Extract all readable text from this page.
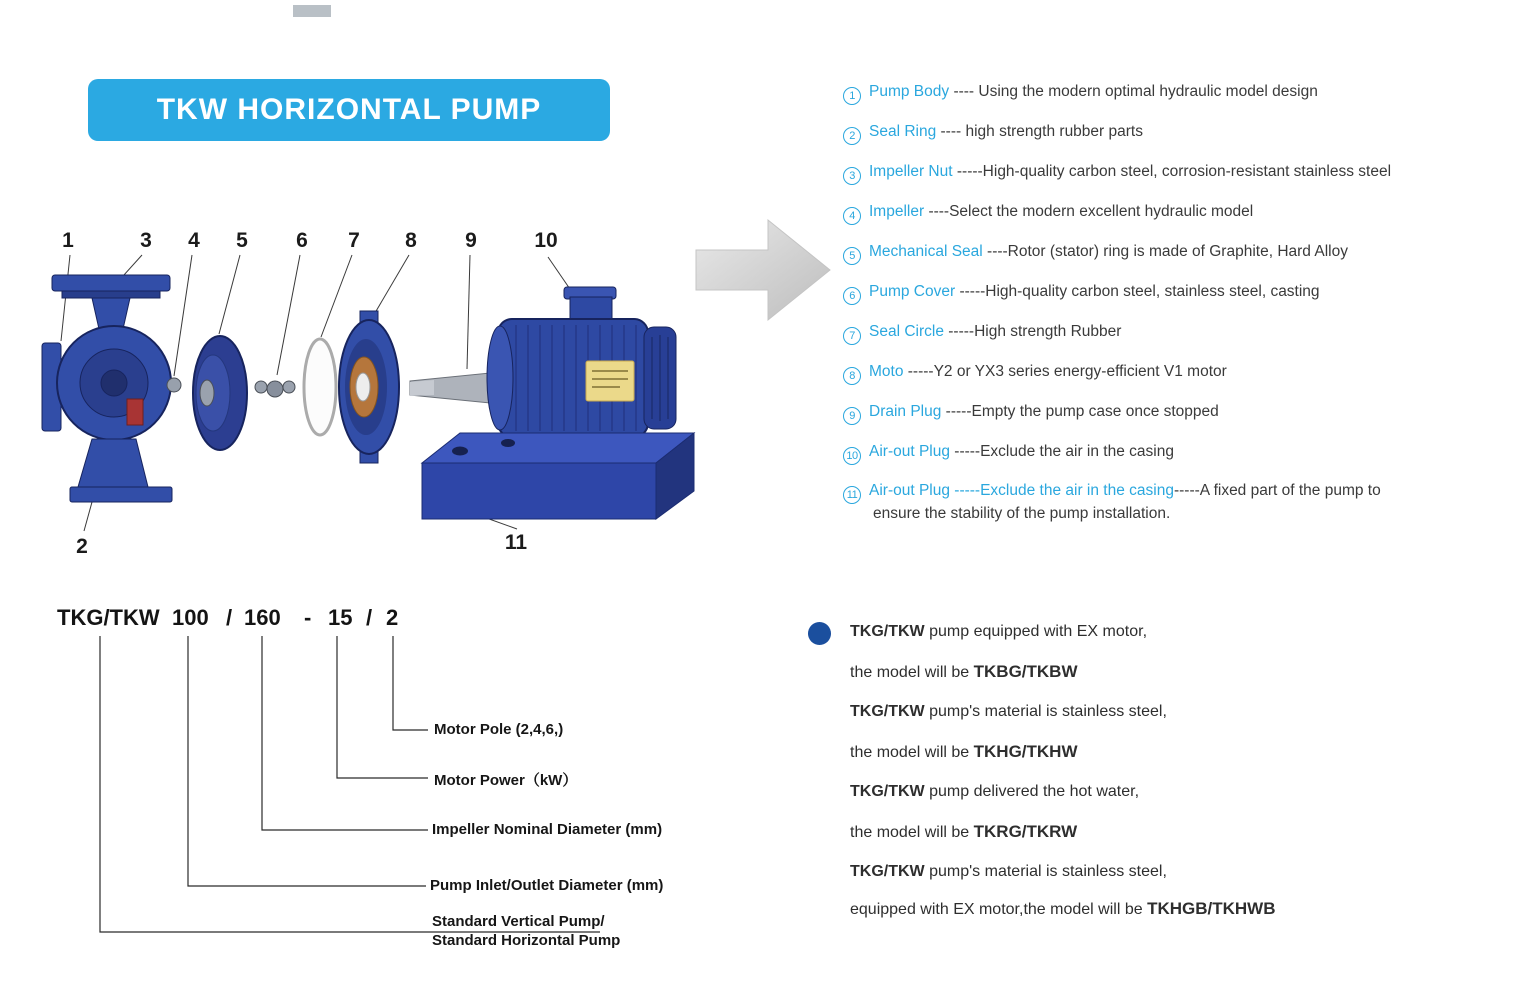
TKW HORIZONTAL PUMP
1	3 4 5 6 7 8 9	10
2	11
1 Pump Body ---- Using the modern optimal hydraulic model design
2 Seal Ring ---- high strength rubber parts
3 Impeller Nut -----High-quality carbon steel, corrosion-resistant stainless steel
4 Impeller ----Select the modern excellent hydraulic model
5 Mechanical Seal ----Rotor (stator) ring is made of Graphite, Hard Alloy
6 Pump Cover -----High-quality carbon steel, stainless steel, casting
7 Seal Circle -----High strength Rubber
8 Moto -----Y2 or YX3 series energy-efficient V1 motor
9 Drain Plug -----Empty the pump case once stopped
10 Air-out Plug -----Exclude the air in the casing
11 Air-out Plug -----Exclude the air in the casing-----A fixed part of the pump to
ensure the stability of the pump installation.
TKG/TKW 100 / 160 - 15 / 2
Motor Pole (2,4,6,)
Motor Power（kW）
Impeller Nominal Diameter (mm)
Pump Inlet/Outlet Diameter (mm)
Standard Vertical Pump/
Standard Horizontal Pump

TKG/TKW pump equipped with EX motor,

the model will be TKBG/TKBW

TKG/TKW pump's material is stainless steel,

the model will be TKHG/TKHW

TKG/TKW pump delivered the hot water,

the model will be TKRG/TKRW

TKG/TKW pump's material is stainless steel,

equipped with EX motor,the model will be TKHGB/TKHWB
